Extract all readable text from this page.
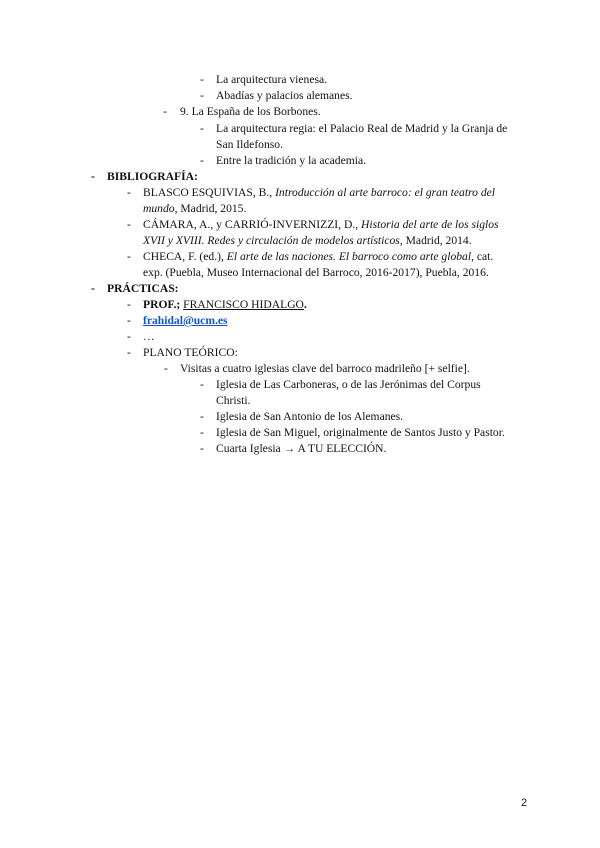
- La arquitectura vienesa.
- Abadías y palacios alemanes.
- 9. La España de los Borbones.
- La arquitectura regia: el Palacio Real de Madrid y la Granja de
San Ildefonso.
- Entre la tradición y la academia.
- BIBLIOGRAFÍA:
- BLASCO ESQUIVIAS, B., Introducción al arte barroco: el gran teatro del
mundo, Madrid, 2015.
- CÁMARA, A., y CARRIÓ-INVERNIZZI, D., Historia del arte de los siglos
XVII y XVIII. Redes y circulación de modelos artísticos, Madrid, 2014.
- CHECA, F. (ed.), El arte de las naciones. El barroco como arte global, cat.
exp. (Puebla, Museo Internacional del Barroco, 2016-2017), Puebla, 2016.
- PRÁCTICAS:
- PROF.; FRANCISCO HIDALGO.
- frahidal@ucm.es
- …
- PLANO TEÓRICO:
- Visitas a cuatro iglesias clave del barroco madrileño [+ selfie].
- Iglesia de Las Carboneras, o de las Jerónimas del Corpus
Christi.
- Iglesia de San Antonio de los Alemanes.
- Iglesia de San Miguel, originalmente de Santos Justo y Pastor.
- Cuarta Iglesia → A TU ELECCIÓN.
2
